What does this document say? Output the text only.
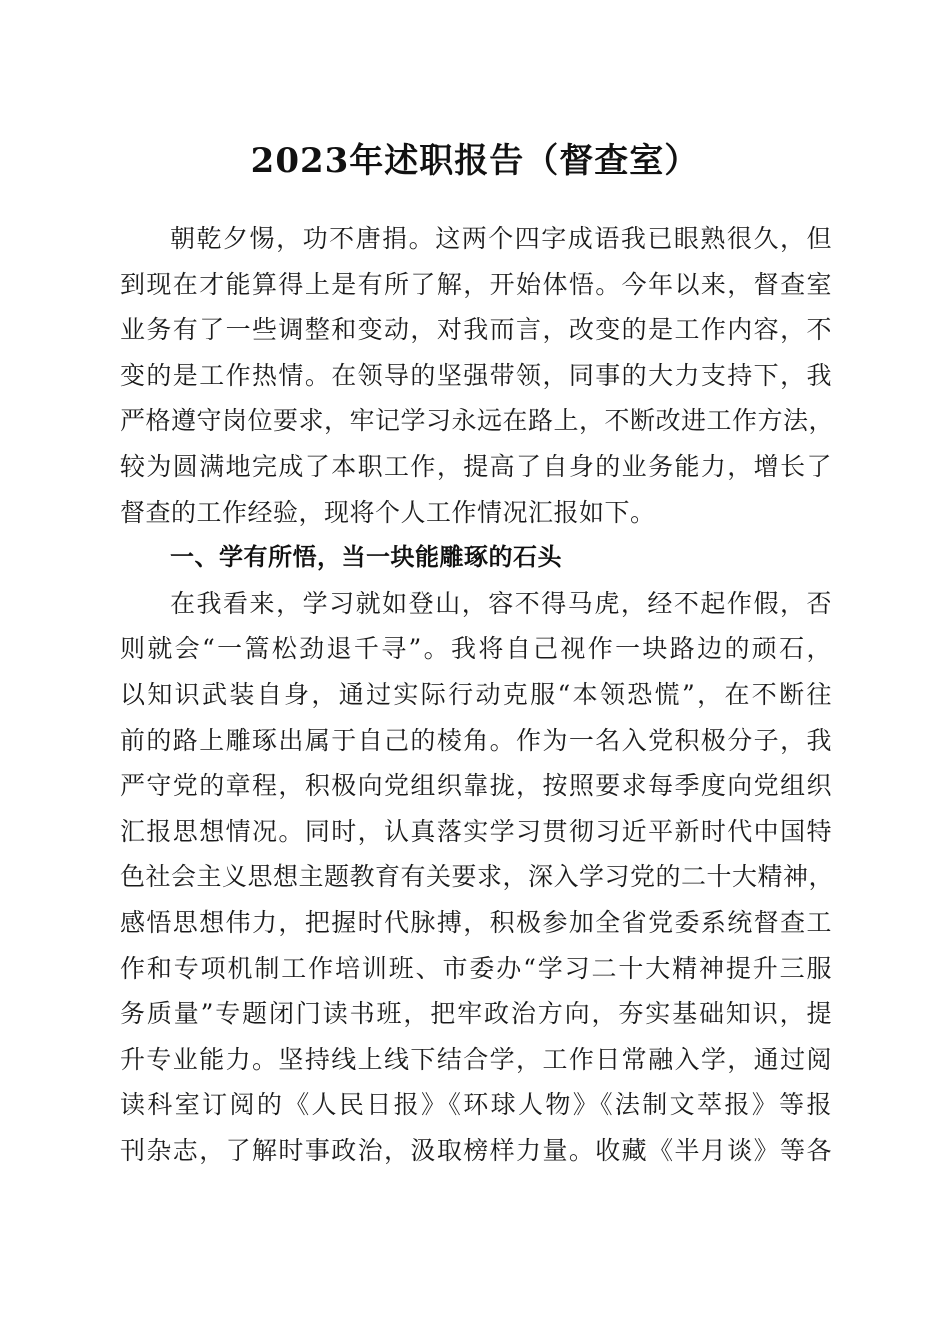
2023年述职报告（督查室）
朝乾夕惕，功不唐捐。这两个四字成语我已眼熟很久，但
到现在才能算得上是有所了解，开始体悟。今年以来，督查室
业务有了一些调整和变动，对我而言，改变的是工作内容，不
变的是工作热情。在领导的坚强带领，同事的大力支持下，我
严格遵守岗位要求，牢记学习永远在路上，不断改进工作方法，
较为圆满地完成了本职工作，提高了自身的业务能力，增长了
督查的工作经验，现将个人工作情况汇报如下。
一、学有所悟，当一块能雕琢的石头
在我看来，学习就如登山，容不得马虎，经不起作假，否
则就会“一篙松劲退千寻”。我将自己视作一块路边的顽石，
以知识武装自身，通过实际行动克服“本领恐慌”，在不断往
前的路上雕琢出属于自己的棱角。作为一名入党积极分子，我
严守党的章程，积极向党组织靠拢，按照要求每季度向党组织
汇报思想情况。同时，认真落实学习贯彻习近平新时代中国特
色社会主义思想主题教育有关要求，深入学习党的二十大精神，
感悟思想伟力，把握时代脉搏，积极参加全省党委系统督查工
作和专项机制工作培训班、市委办“学习二十大精神提升三服
务质量”专题闭门读书班，把牢政治方向，夯实基础知识，提
升专业能力。坚持线上线下结合学，工作日常融入学，通过阅
读科室订阅的《人民日报》《环球人物》《法制文萃报》等报
刊杂志，了解时事政治，汲取榜样力量。收藏《半月谈》等各
